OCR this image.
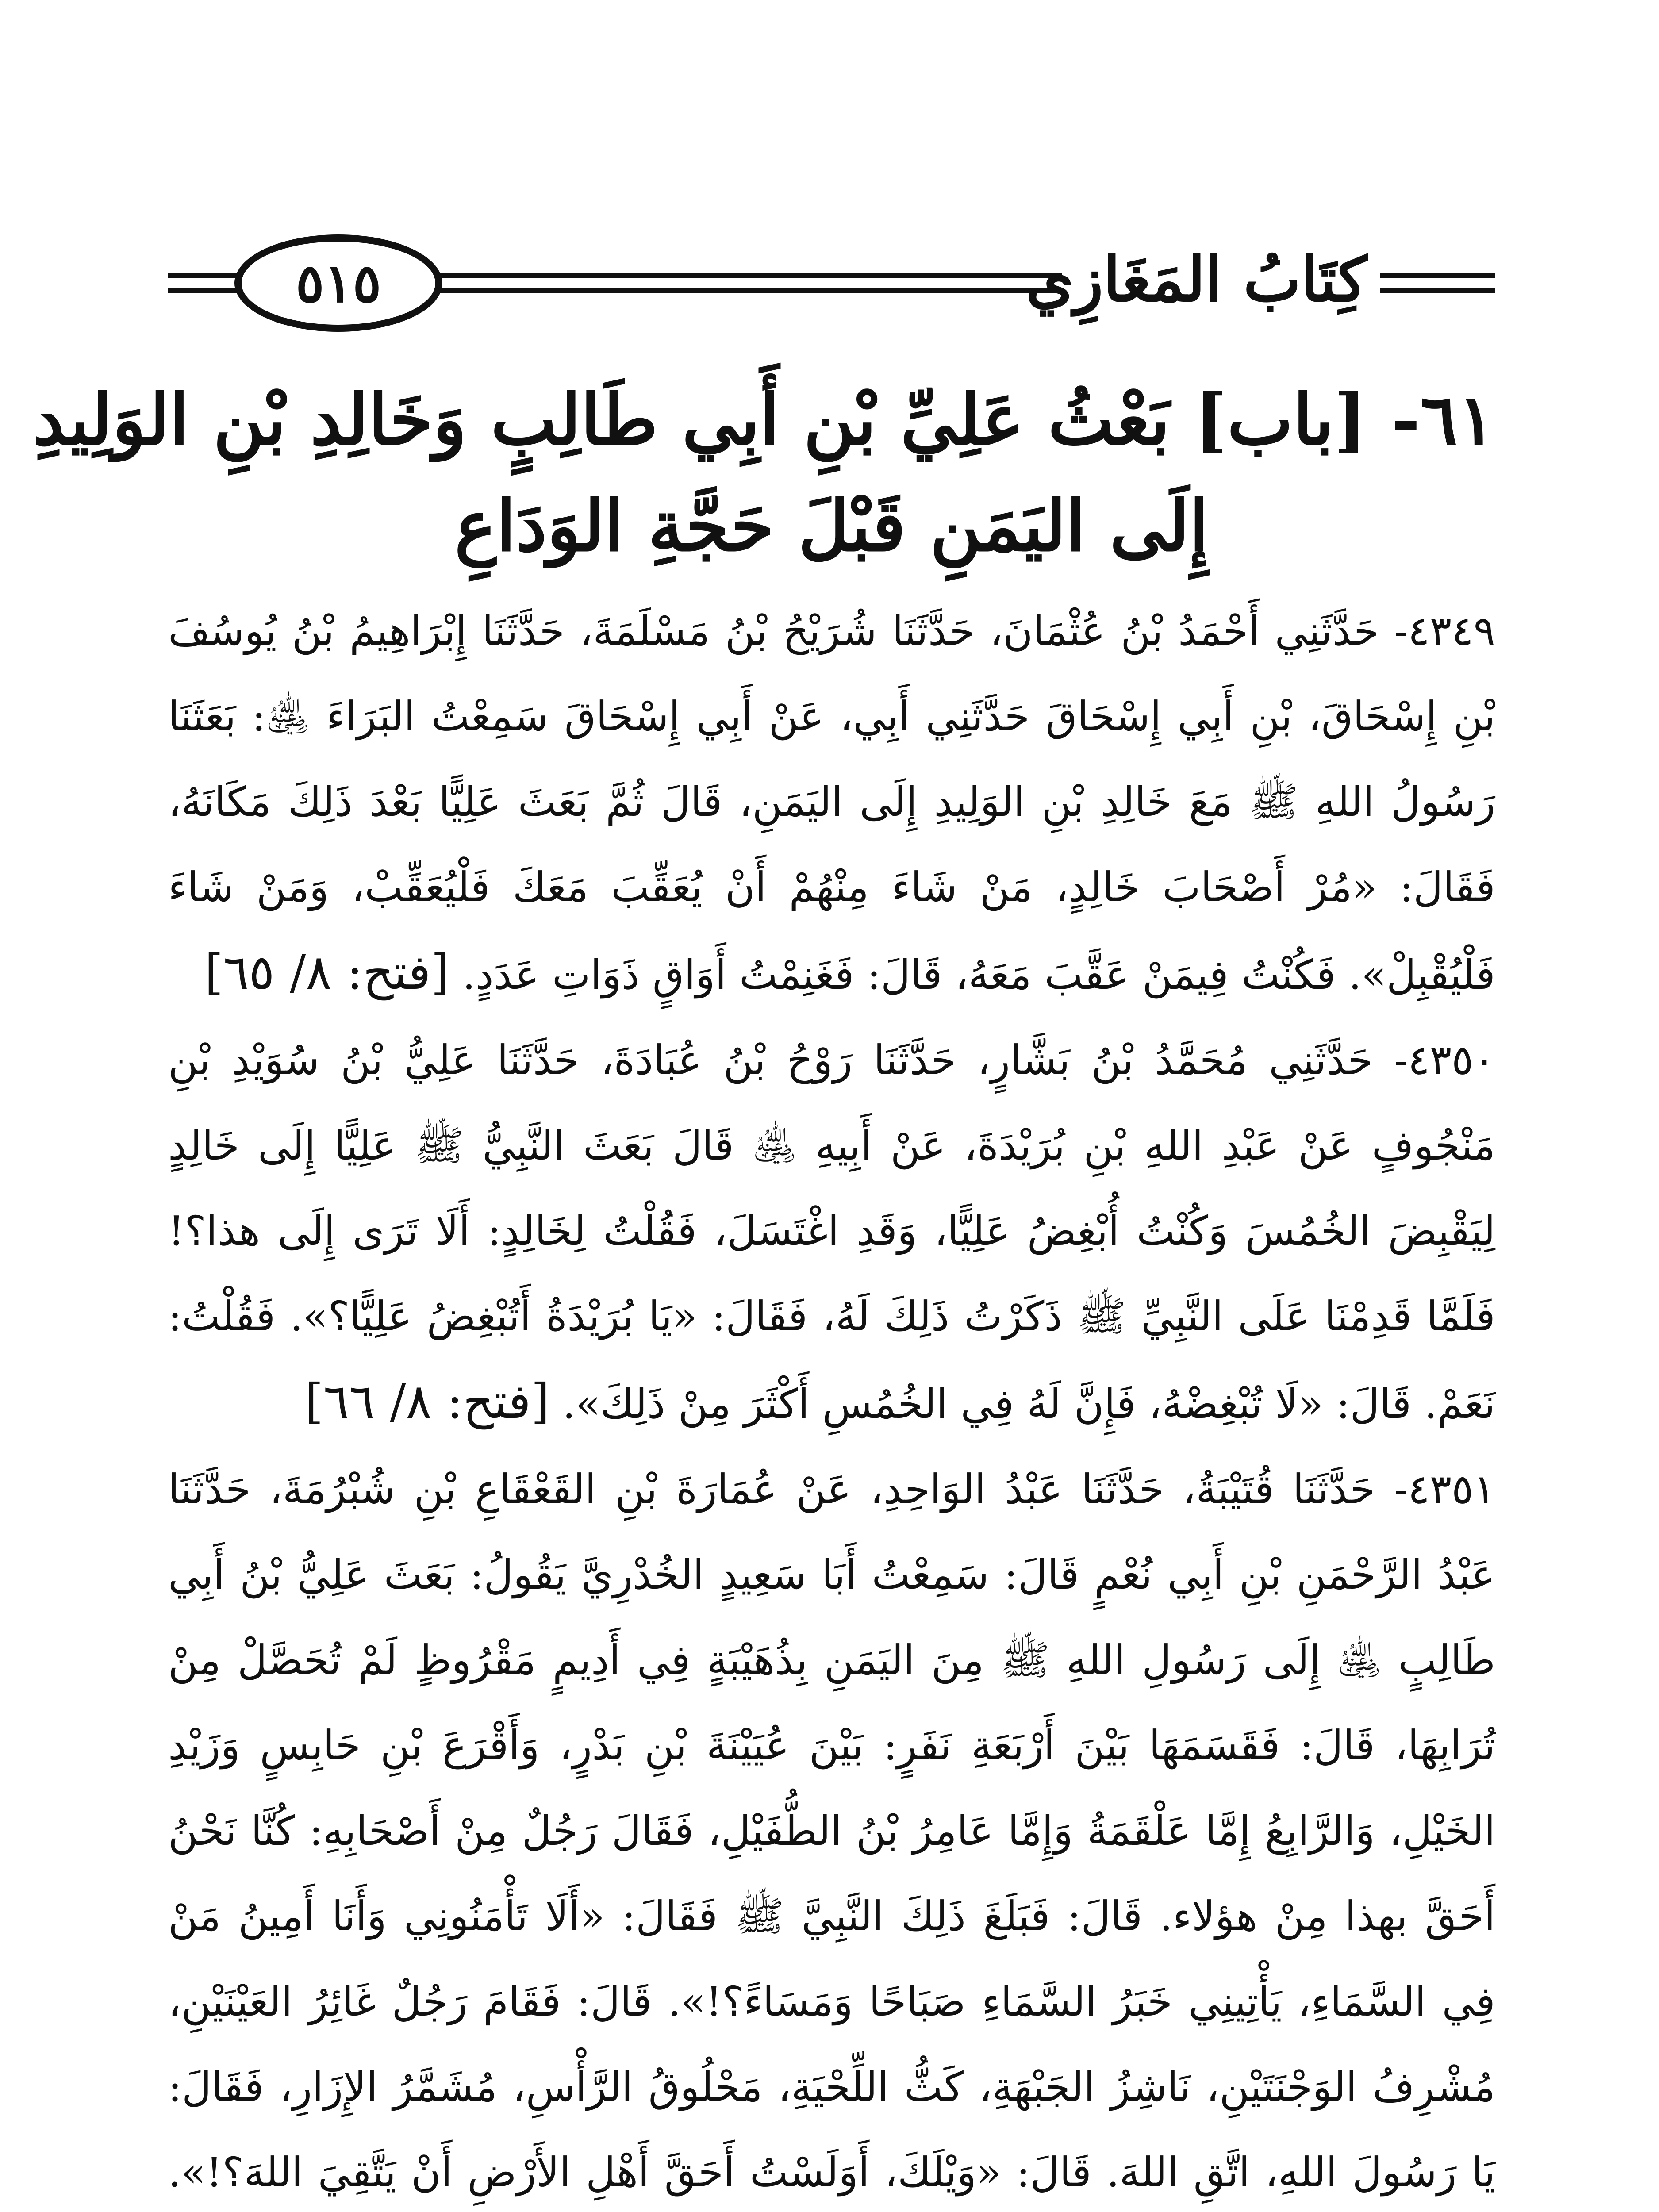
كِتَابُ المَغَازِي
٥١٥
٦١- [باب] بَعْثُ عَلِيِّ بْنِ أَبِي طَالِبٍ وَخَالِدِ بْنِ الوَلِيدِ
إِلَى اليَمَنِ قَبْلَ حَجَّةِ الوَدَاعِ

٤٣٤٩- حَدَّثَنِي أَحْمَدُ بْنُ عُثْمَانَ، حَدَّثَنَا شُرَيْحُ بْنُ مَسْلَمَةَ، حَدَّثَنَا إِبْرَاهِيمُ بْنُ يُوسُفَ بْنِ إِسْحَاقَ، بْنِ أَبِي إِسْحَاقَ حَدَّثَنِي أَبِي، عَنْ أَبِي إِسْحَاقَ سَمِعْتُ البَرَاءَ ﵁: بَعَثَنَا رَسُولُ اللهِ ﷺ مَعَ خَالِدِ بْنِ الوَلِيدِ إِلَى اليَمَنِ، قَالَ ثُمَّ بَعَثَ عَلِيًّا بَعْدَ ذَلِكَ مَكَانَهُ، فَقَالَ: «مُرْ أَصْحَابَ خَالِدٍ، مَنْ شَاءَ مِنْهُمْ أَنْ يُعَقِّبَ مَعَكَ فَلْيُعَقِّبْ، وَمَنْ شَاءَ فَلْيُقْبِلْ». فَكُنْتُ فِيمَنْ عَقَّبَ مَعَهُ، قَالَ: فَغَنِمْتُ أَوَاقٍ ذَوَاتِ عَدَدٍ. [فتح: ٨/ ٦٥]

٤٣٥٠- حَدَّثَنِي مُحَمَّدُ بْنُ بَشَّارٍ، حَدَّثَنَا رَوْحُ بْنُ عُبَادَةَ، حَدَّثَنَا عَلِيُّ بْنُ سُوَيْدِ بْنِ مَنْجُوفٍ عَنْ عَبْدِ اللهِ بْنِ بُرَيْدَةَ، عَنْ أَبِيهِ ﵁ قَالَ بَعَثَ النَّبِيُّ ﷺ عَلِيًّا إِلَى خَالِدٍ لِيَقْبِضَ الخُمُسَ وَكُنْتُ أُبْغِضُ عَلِيًّا، وَقَدِ اغْتَسَلَ، فَقُلْتُ لِخَالِدٍ: أَلَا تَرَى إِلَى هذا؟! فَلَمَّا قَدِمْنَا عَلَى النَّبِيِّ ﷺ ذَكَرْتُ ذَلِكَ لَهُ، فَقَالَ: «يَا بُرَيْدَةُ أَتُبْغِضُ عَلِيًّا؟». فَقُلْتُ: نَعَمْ. قَالَ: «لَا تُبْغِضْهُ، فَإِنَّ لَهُ فِي الخُمُسِ أَكْثَرَ مِنْ ذَلِكَ». [فتح: ٨/ ٦٦]

٤٣٥١- حَدَّثَنَا قُتَيْبَةُ، حَدَّثَنَا عَبْدُ الوَاحِدِ، عَنْ عُمَارَةَ بْنِ القَعْقَاعِ بْنِ شُبْرُمَةَ، حَدَّثَنَا عَبْدُ الرَّحْمَنِ بْنِ أَبِي نُعْمٍ قَالَ: سَمِعْتُ أَبَا سَعِيدٍ الخُدْرِيَّ يَقُولُ: بَعَثَ عَلِيُّ بْنُ أَبِي طَالِبٍ ﵁ إِلَى رَسُولِ اللهِ ﷺ مِنَ اليَمَنِ بِذُهَيْبَةٍ فِي أَدِيمٍ مَقْرُوظٍ لَمْ تُحَصَّلْ مِنْ تُرَابِهَا، قَالَ: فَقَسَمَهَا بَيْنَ أَرْبَعَةِ نَفَرٍ: بَيْنَ عُيَيْنَةَ بْنِ بَدْرٍ، وَأَقْرَعَ بْنِ حَابِسٍ وَزَيْدِ الخَيْلِ، وَالرَّابِعُ إِمَّا عَلْقَمَةُ وَإِمَّا عَامِرُ بْنُ الطُّفَيْلِ، فَقَالَ رَجُلٌ مِنْ أَصْحَابِهِ: كُنَّا نَحْنُ أَحَقَّ بهذا مِنْ هؤلاء. قَالَ: فَبَلَغَ ذَلِكَ النَّبِيَّ ﷺ فَقَالَ: «أَلَا تَأْمَنُونِي وَأَنَا أَمِينُ مَنْ فِي السَّمَاءِ، يَأْتِينِي خَبَرُ السَّمَاءِ صَبَاحًا وَمَسَاءً؟!». قَالَ: فَقَامَ رَجُلٌ غَائِرُ العَيْنَيْنِ، مُشْرِفُ الوَجْنَتَيْنِ، نَاشِزُ الجَبْهَةِ، كَثُّ اللِّحْيَةِ، مَحْلُوقُ الرَّأْسِ، مُشَمَّرُ الإِزَارِ، فَقَالَ: يَا رَسُولَ اللهِ، اتَّقِ اللهَ. قَالَ: «وَيْلَكَ، أَوَلَسْتُ أَحَقَّ أَهْلِ الأَرْضِ أَنْ يَتَّقِيَ اللهَ؟!».
